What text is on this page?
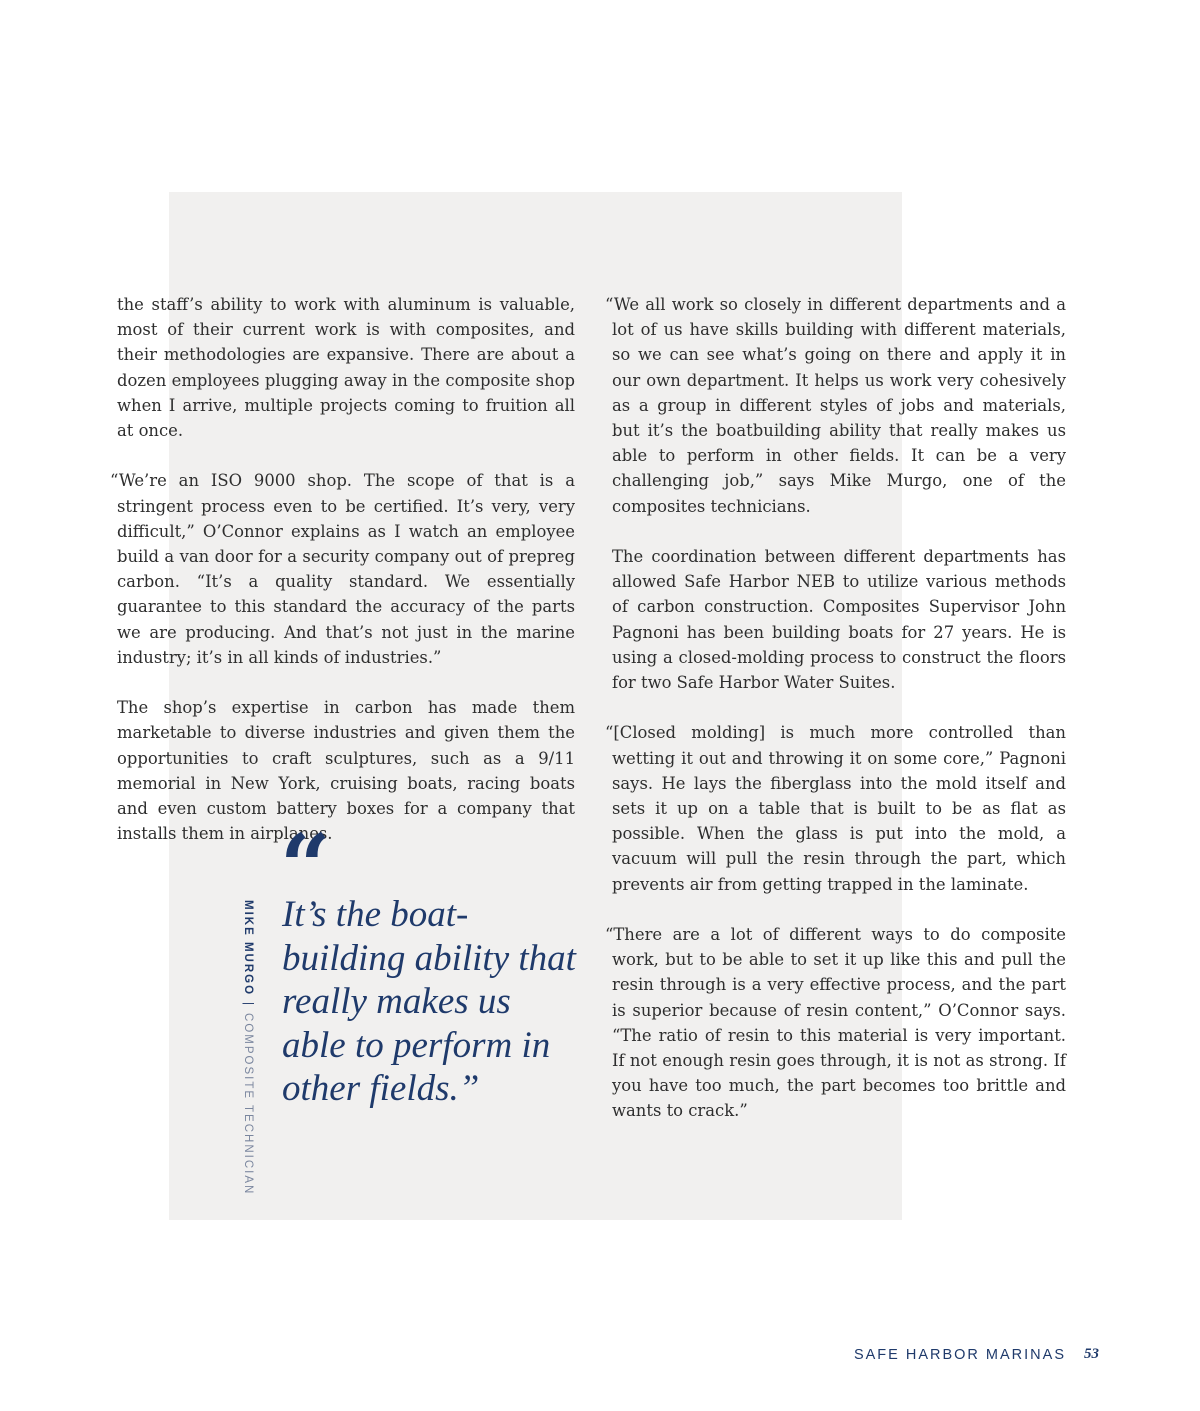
the staff’s ability to work with aluminum is valuable, most of their current work is with composites, and their methodologies are expansive. There are about a dozen employees plugging away in the composite shop when I arrive, multiple projects coming to fruition all at once.

“We’re an ISO 9000 shop. The scope of that is a stringent process even to be certified. It’s very, very difficult,” O’Connor explains as I watch an employee build a van door for a security company out of prepreg carbon. “It’s a quality standard. We essentially guarantee to this standard the accuracy of the parts we are producing. And that’s not just in the marine industry; it’s in all kinds of industries.”

The shop’s expertise in carbon has made them marketable to diverse industries and given them the opportunities to craft sculptures, such as a 9/11 memorial in New York, cruising boats, racing boats and even custom battery boxes for a company that installs them in airplanes.

“We all work so closely in different departments and a lot of us have skills building with different materials, so we can see what’s going on there and apply it in our own department. It helps us work very cohesively as a group in different styles of jobs and materials, but it’s the boatbuilding ability that really makes us able to perform in other fields. It can be a very challenging job,” says Mike Murgo, one of the composites technicians.

The coordination between different departments has allowed Safe Harbor NEB to utilize various methods of carbon construction. Composites Supervisor John Pagnoni has been building boats for 27 years. He is using a closed-molding process to construct the floors for two Safe Harbor Water Suites.

“[Closed molding] is much more controlled than wetting it out and throwing it on some core,” Pagnoni says. He lays the fiberglass into the mold itself and sets it up on a table that is built to be as flat as possible. When the glass is put into the mold, a vacuum will pull the resin through the part, which prevents air from getting trapped in the laminate.

“There are a lot of different ways to do composite work, but to be able to set it up like this and pull the resin through is a very effective process, and the part is superior because of resin content,” O’Connor says. “The ratio of resin to this material is very important. If not enough resin goes through, it is not as strong. If you have too much, the part becomes too brittle and wants to crack.”

“
It’s the boat-building ability that really makes us able to perform in other fields.”
MIKE MURGO|COMPOSITE TECHNICIAN
SAFE HARBOR MARINAS 53
